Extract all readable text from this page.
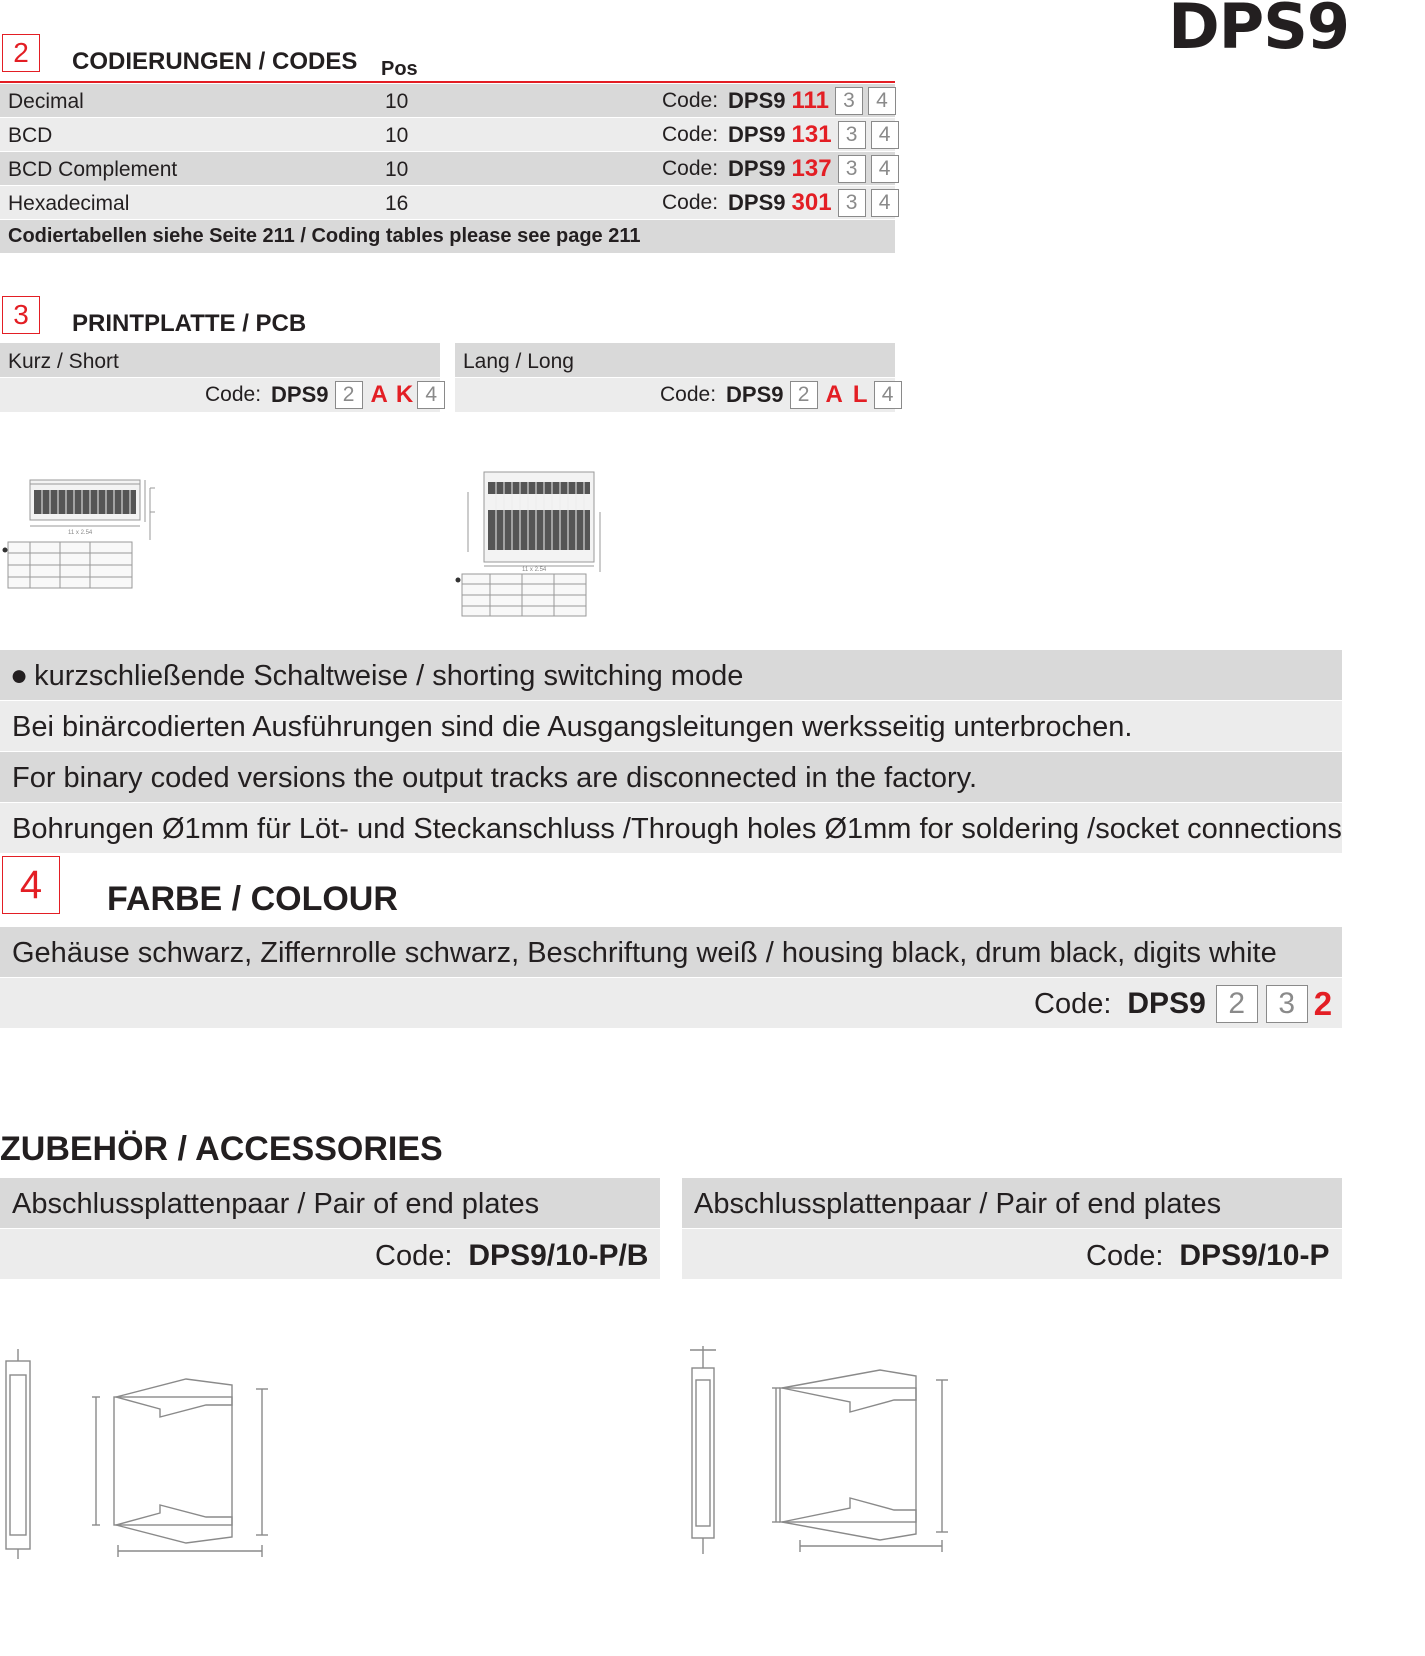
DPS9
2	CODIERUNGEN / CODES Pos
Decimal	10	Code: DPS9 111 3	4
BCD	10	Code: DPS9 131 3	4
BCD Complement	10	Code: DPS9 137 3	4
Hexadecimal	16	Code: DPS9 301 3	4
Codiertabellen siehe Seite 211 / Coding tables please see page 211
3	PRINTPLATTE / PCB
Kurz / Short
Code: DPS9 2 A K 4
Lang / Long
Code: DPS9 2 A L 4
11 x 2.54
11 x 2.54
● kurzschließende Schaltweise / shorting switching mode
Bei binärcodierten Ausführungen sind die Ausgangsleitungen werksseitig unterbrochen.
For binary coded versions the output tracks are disconnected in the factory.
Bohrungen Ø1mm für Löt- und Steckanschluss /Through holes Ø1mm for soldering /socket connections
4	FARBE / COLOUR
Gehäuse schwarz, Ziffernrolle schwarz, Beschriftung weiß / housing black, drum black, digits white
Code: DPS9 2	3 2
ZUBEHÖR / ACCESSORIES
Abschlussplattenpaar / Pair of end plates
Code: DPS9/10-P/B
Abschlussplattenpaar / Pair of end plates
Code: DPS9/10-P
